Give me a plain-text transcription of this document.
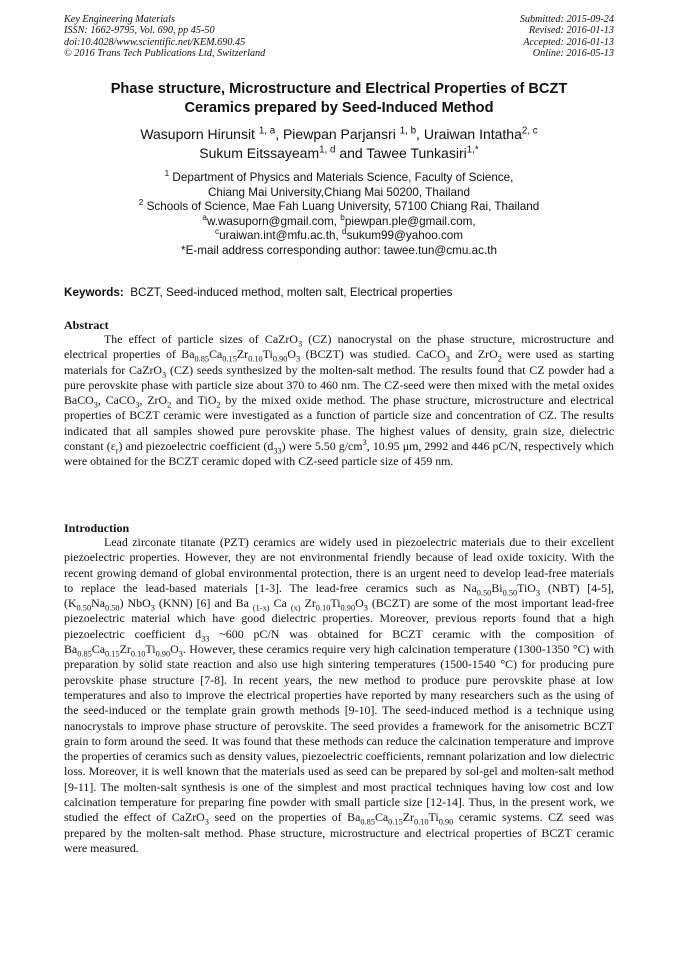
Key Engineering Materials
ISSN: 1662-9795, Vol. 690, pp 45-50
doi:10.4028/www.scientific.net/KEM.690.45
© 2016 Trans Tech Publications Ltd, Switzerland
Submitted: 2015-09-24
Revised: 2016-01-13
Accepted: 2016-01-13
Online: 2016-05-13
Phase structure, Microstructure and Electrical Properties of BCZT
Ceramics prepared by Seed-Induced Method
Wasuporn Hirunsit $^{1, a}$, Piewpan Parjansri $^{1, b}$, Uraiwan Intatha$^{2, c}$
Sukum Eitssayeam$^{1, d}$ and Tawee Tunkasiri$^{1,*}$
$^1$ Department of Physics and Materials Science, Faculty of Science,
Chiang Mai University,Chiang Mai 50200, Thailand
$^2$ Schools of Science, Mae Fah Luang University, 57100 Chiang Rai, Thailand
$^a$w.wasuporn@gmail.com, $^b$piewpan.ple@gmail.com,
$^c$uraiwan.int@mfu.ac.th, $^d$sukum99@yahoo.com
*E-mail address corresponding author: tawee.tun@cmu.ac.th
Keywords: BCZT, Seed-induced method, molten salt, Electrical properties
Abstract
The effect of particle sizes of CaZrO$_3$ (CZ) nanocrystal on the phase structure, microstructure and electrical properties of $Ba_{0.85}Ca_{0.15}Zr_{0.10}Ti_{0.90}O_3$ (BCZT) was studied. CaCO$_3$ and ZrO$_2$ were used as starting materials for CaZrO$_3$ (CZ) seeds synthesized by the molten-salt method. The results found that CZ powder had a pure perovskite phase with particle size about 370 to 460 nm. The CZ-seed were then mixed with the metal oxides BaCO$_3$, CaCO$_3$, ZrO$_2$ and TiO$_2$ by the mixed oxide method. The phase structure, microstructure and electrical properties of BCZT ceramic were investigated as a function of particle size and concentration of CZ. The results indicated that all samples showed pure perovskite phase. The highest values of density, grain size, dielectric constant $(\varepsilon_r)$ and piezoelectric coefficient $(d_{33})$ were 5.50 $g/cm^3$, 10.95 μm, 2992 and 446 pC/N, respectively which were obtained for the BCZT ceramic doped with CZ-seed particle size of 459 nm.
Introduction
Lead zirconate titanate (PZT) ceramics are widely used in piezoelectric materials due to their excellent piezoelectric properties. However, they are not environmental friendly because of lead oxide toxicity. With the recent growing demand of global environmental protection, there is an urgent need to develop lead-free materials to replace the lead-based materials [1-3]. The lead-free ceramics such as $Na_{0.50}Bi_{0.50}TiO_3$ (NBT) [4-5], $(K_{0.50}Na_{0.50})$ NbO$_3$ (KNN) [6] and Ba $_{(1-x)}$ Ca $_{(x)}$ $Zr_{0.10}Ti_{0.90}O_3$ (BCZT) are some of the most important lead-free piezoelectric material which have good dielectric properties. Moreover, previous reports found that a high piezoelectric coefficient $d_{33}$ ~600 pC/N was obtained for BCZT ceramic with the composition of $Ba_{0.85}Ca_{0.15}Zr_{0.10}Ti_{0.90}O_3$. However, these ceramics require very high calcination temperature (1300-1350 °C) with preparation by solid state reaction and also use high sintering temperatures (1500-1540 °C) for producing pure perovskite phase structure [7-8]. In recent years, the new method to produce pure perovskite phase at low temperatures and also to improve the electrical properties have reported by many researchers such as the using of the seed-induced or the template grain growth methods [9-10]. The seed-induced method is a technique using nanocrystals to improve phase structure of perovskite. The seed provides a framework for the anisometric BCZT grain to form around the seed. It was found that these methods can reduce the calcination temperature and improve the properties of ceramics such as density values, piezoelectric coefficients, remnant polarization and low dielectric loss. Moreover, it is well known that the materials used as seed can be prepared by sol-gel and molten-salt method [9-11]. The molten-salt synthesis is one of the simplest and most practical techniques having low cost and low calcination temperature for preparing fine powder with small particle size [12-14]. Thus, in the present work, we studied the effect of CaZrO$_3$ seed on the properties of $Ba_{0.85}Ca_{0.15}Zr_{0.10}Ti_{0.90}$ ceramic systems. CZ seed was prepared by the molten-salt method. Phase structure, microstructure and electrical properties of BCZT ceramic were measured.
